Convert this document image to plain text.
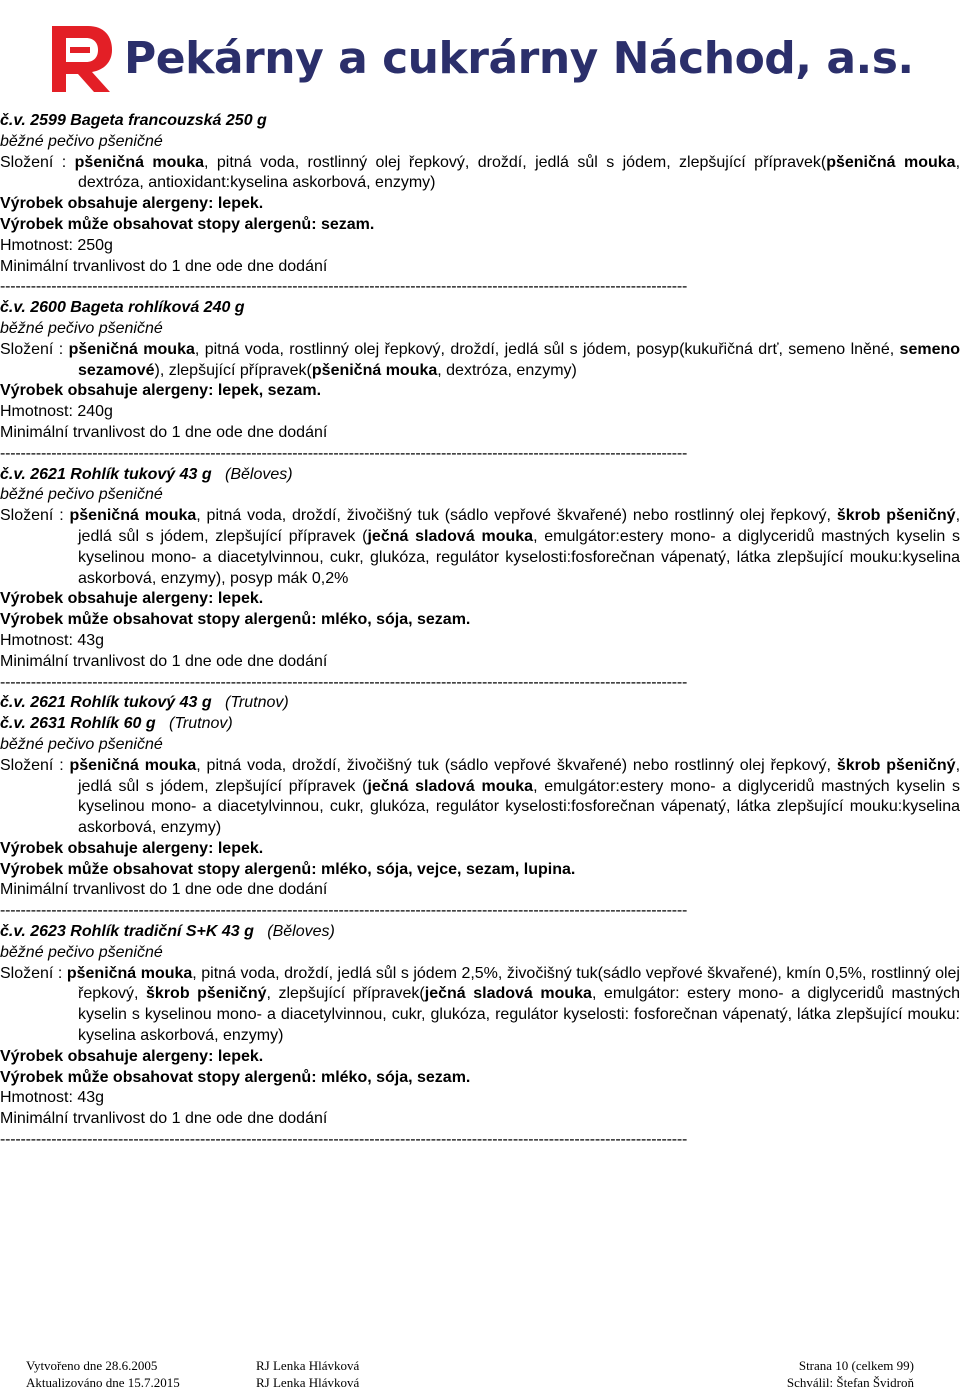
Pekárny a cukrárny Náchod, a.s.
č.v. 2599 Bageta francouzská 250 g
běžné pečivo pšeničné
Složení : pšeničná mouka, pitná voda, rostlinný olej řepkový, droždí, jedlá sůl s jódem, zlepšující přípravek(pšeničná mouka, dextróza, antioxidant:kyselina askorbová, enzymy)
Výrobek obsahuje alergeny: lepek.
Výrobek může obsahovat stopy alergenů: sezam.
Hmotnost: 250g
Minimální trvanlivost do 1 dne ode dne dodání
--------------------------------------------------------------------------------------------------------------------------------------
č.v. 2600 Bageta rohlíková 240 g
běžné pečivo pšeničné
Složení : pšeničná mouka, pitná voda, rostlinný olej řepkový, droždí, jedlá sůl s jódem, posyp(kukuřičná drť, semeno lněné, semeno sezamové), zlepšující přípravek(pšeničná mouka, dextróza, enzymy)
Výrobek obsahuje alergeny: lepek, sezam.
Hmotnost: 240g
Minimální trvanlivost do 1 dne ode dne dodání
--------------------------------------------------------------------------------------------------------------------------------------
č.v. 2621 Rohlík tukový 43 g (Běloves)
běžné pečivo pšeničné
Složení : pšeničná mouka, pitná voda, droždí, živočišný tuk (sádlo vepřové škvařené) nebo rostlinný olej řepkový, škrob pšeničný, jedlá sůl s jódem, zlepšující přípravek (ječná sladová mouka, emulgátor:estery mono- a diglyceridů mastných kyselin s kyselinou mono- a diacetylvinnou, cukr, glukóza, regulátor kyselosti:fosforečnan vápenatý, látka zlepšující mouku:kyselina askorbová, enzymy), posyp mák 0,2%
Výrobek obsahuje alergeny: lepek.
Výrobek může obsahovat stopy alergenů: mléko, sója, sezam.
Hmotnost: 43g
Minimální trvanlivost do 1 dne ode dne dodání
--------------------------------------------------------------------------------------------------------------------------------------
č.v. 2621 Rohlík tukový 43 g (Trutnov)
č.v. 2631 Rohlík 60 g (Trutnov)
běžné pečivo pšeničné
Složení : pšeničná mouka, pitná voda, droždí, živočišný tuk (sádlo vepřové škvařené) nebo rostlinný olej řepkový, škrob pšeničný, jedlá sůl s jódem, zlepšující přípravek (ječná sladová mouka, emulgátor:estery mono- a diglyceridů mastných kyselin s kyselinou mono- a diacetylvinnou, cukr, glukóza, regulátor kyselosti:fosforečnan vápenatý, látka zlepšující mouku:kyselina askorbová, enzymy)
Výrobek obsahuje alergeny: lepek.
Výrobek může obsahovat stopy alergenů: mléko, sója, vejce, sezam, lupina.
Minimální trvanlivost do 1 dne ode dne dodání
--------------------------------------------------------------------------------------------------------------------------------------
č.v. 2623 Rohlík tradiční S+K 43 g (Běloves)
běžné pečivo pšeničné
Složení : pšeničná mouka, pitná voda, droždí, jedlá sůl s jódem 2,5%, živočišný tuk(sádlo vepřové škvařené), kmín 0,5%, rostlinný olej řepkový, škrob pšeničný, zlepšující přípravek(ječná sladová mouka, emulgátor: estery mono- a diglyceridů mastných kyselin s kyselinou mono- a diacetylvinnou, cukr, glukóza, regulátor kyselosti: fosforečnan vápenatý, látka zlepšující mouku: kyselina askorbová, enzymy)
Výrobek obsahuje alergeny: lepek.
Výrobek může obsahovat stopy alergenů: mléko, sója, sezam.
Hmotnost: 43g
Minimální trvanlivost do 1 dne ode dne dodání
--------------------------------------------------------------------------------------------------------------------------------------
Vytvořeno dne 28.6.2005
Aktualizováno dne 15.7.2015
RJ Lenka Hlávková
RJ Lenka Hlávková
Strana 10 (celkem 99)
Schválil: Štefan Švidroň
